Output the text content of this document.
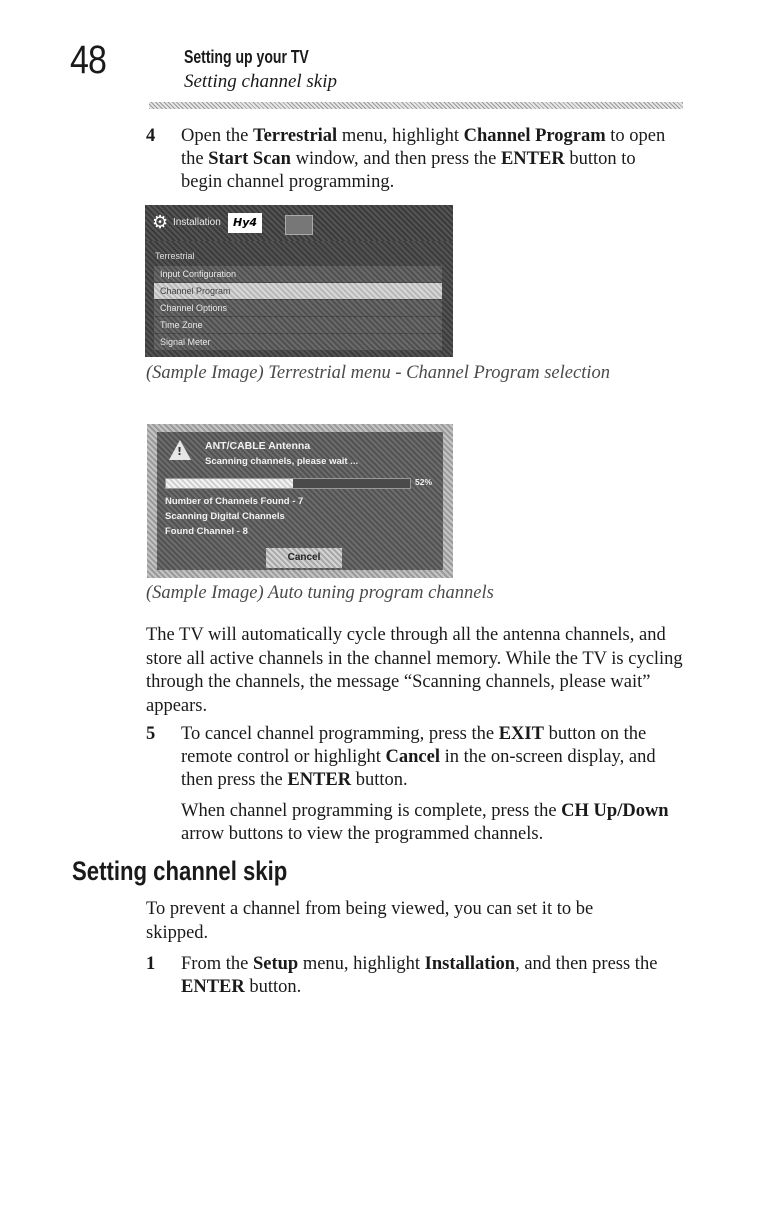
48	Setting up your TV
Setting channel skip
4 Open the Terrestrial menu, highlight Channel Program to open the Start Scan window, and then press the ENTER button to begin channel programming.

⚙ Installation	Hy4
Terrestrial
Input Configuration
Channel Program
Channel Options
Time Zone
Signal Meter
(Sample Image) Terrestrial menu - Channel Program selection
! ANT/CABLE Antenna
Scanning channels, please wait ...
52%
Number of Channels Found - 7
Scanning Digital Channels
Found Channel - 8
Cancel
(Sample Image) Auto tuning program channels

The TV will automatically cycle through all the antenna channels, and store all active channels in the channel memory. While the TV is cycling through the channels, the message “Scanning channels, please wait” appears.

5 To cancel channel programming, press the EXIT button on the remote control or highlight Cancel in the on-screen display, and then press the ENTER button.

When channel programming is complete, press the CH Up/Down arrow buttons to view the programmed channels.

Setting channel skip

To prevent a channel from being viewed, you can set it to be skipped.

1 From the Setup menu, highlight Installation, and then press the ENTER button.
